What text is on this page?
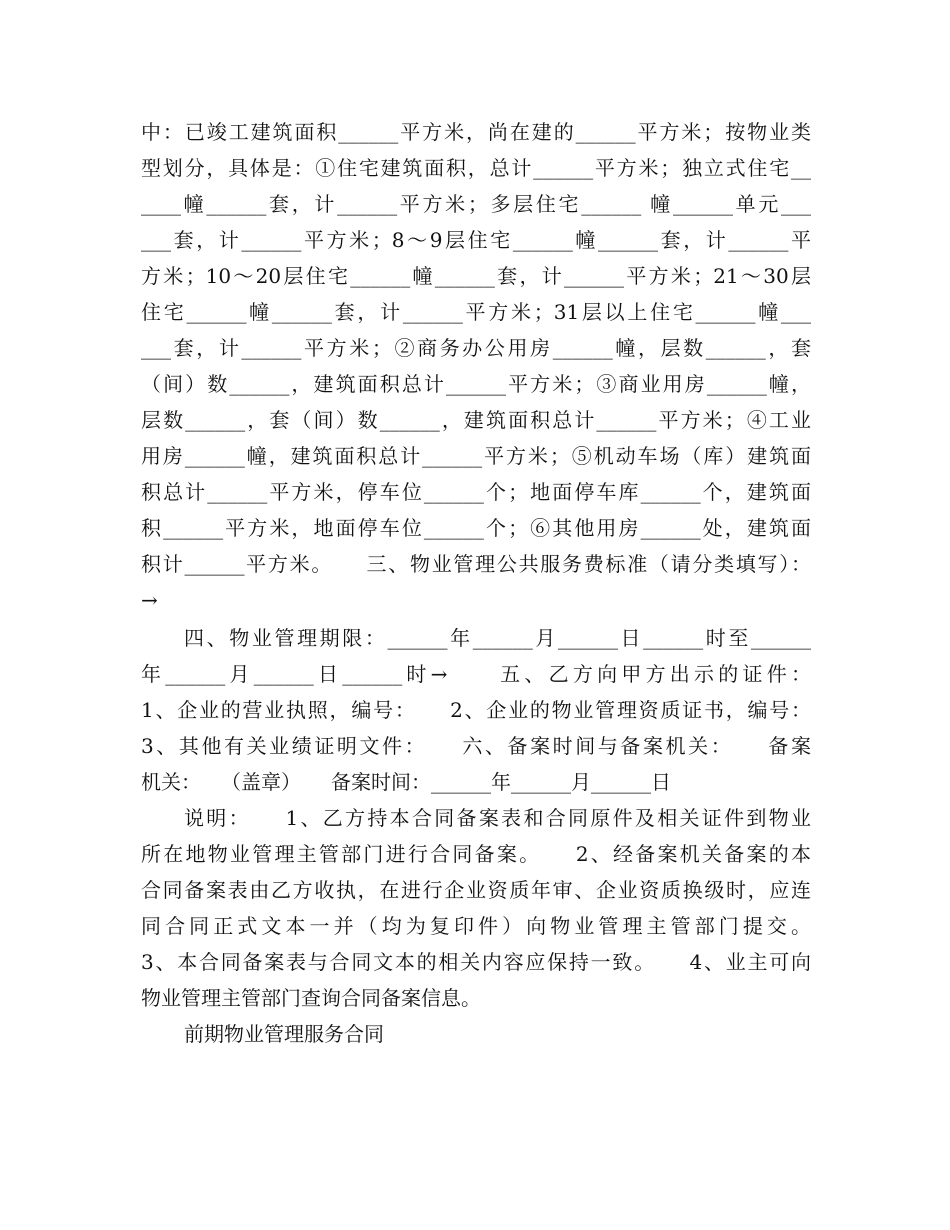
中：已竣工建筑面积______平方米，尚在建的______平方米；按物业类
型划分，具体是：①住宅建筑面积，总计______平方米；独立式住宅__
____幢______套，计______平方米；多层住宅______ 幢______单元___
___套，计______平方米；8～9层住宅______幢______套，计______平
方米；10～20层住宅______幢______套，计______平方米；21～30层
住宅______幢______套，计______平方米；31层以上住宅______幢___
___套，计______平方米；②商务办公用房______幢，层数______，套
（间）数______，建筑面积总计______平方米；③商业用房______幢，
层数______，套（间）数______，建筑面积总计______平方米；④工业
用房______幢，建筑面积总计______平方米；⑤机动车场（库）建筑面
积总计______平方米，停车位______个；地面停车库______个，建筑面
积______平方米，地面停车位______个；⑥其他用房______处，建筑面
积计______平方米。　　三、物业管理公共服务费标准（请分类填写）：
→
四、物业管理期限：______年______月______日______时至______
年______月______日______时→　　五、乙方向甲方出示的证件：
1、企业的营业执照，编号：　　2、企业的物业管理资质证书，编号：
3、其他有关业绩证明文件：　　六、备案时间与备案机关：　　备案
机关：　　（盖章）　　备案时间：______年______月______日
说明：　　1、乙方持本合同备案表和合同原件及相关证件到物业
所在地物业管理主管部门进行合同备案。　　2、经备案机关备案的本
合同备案表由乙方收执，在进行企业资质年审、企业资质换级时，应连
同合同正式文本一并（均为复印件）向物业管理主管部门提交。
3、本合同备案表与合同文本的相关内容应保持一致。　　4、业主可向
物业管理主管部门查询合同备案信息。
前期物业管理服务合同
